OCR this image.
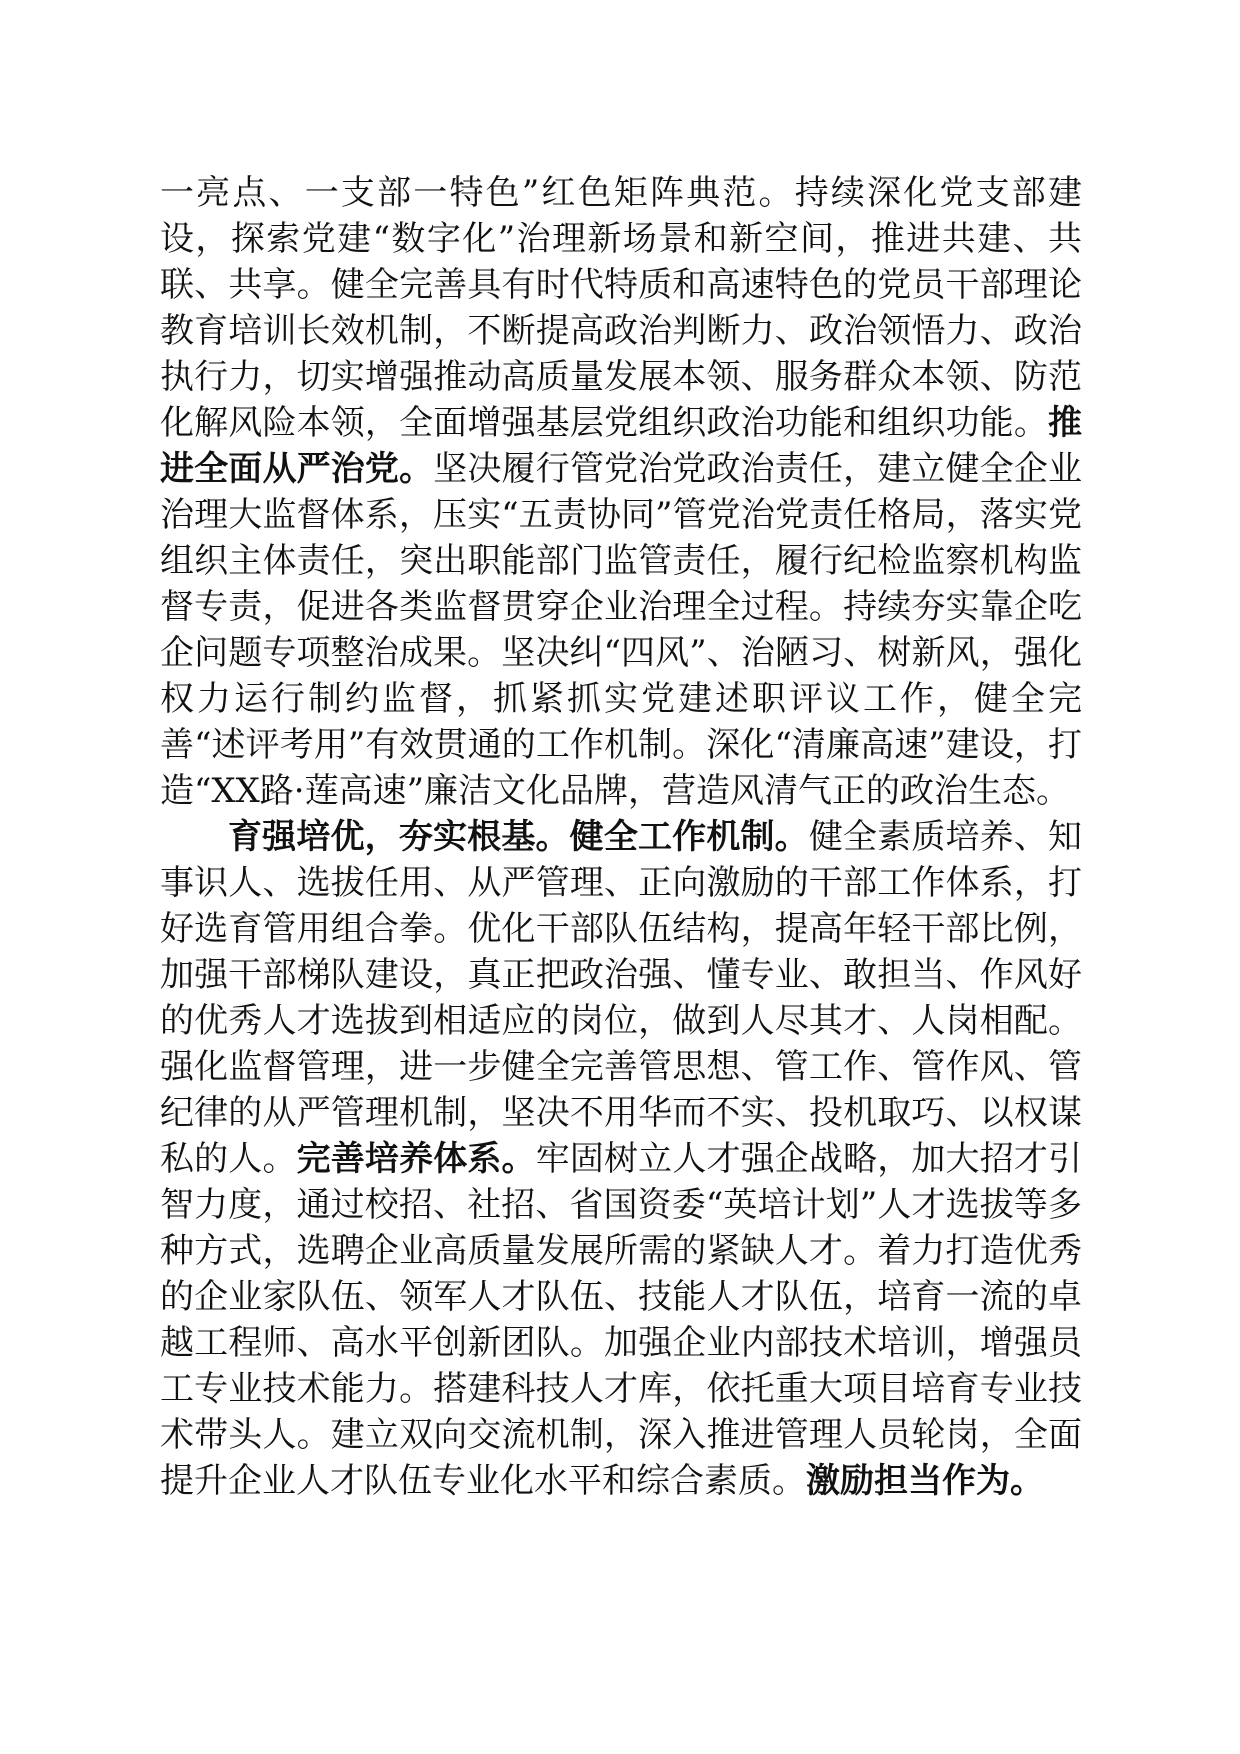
一亮点、一支部一特色”红色矩阵典范。持续深化党支部建设，探索党建“数字化”治理新场景和新空间，推进共建、共联、共享。健全完善具有时代特质和高速特色的党员干部理论教育培训长效机制，不断提高政治判断力、政治领悟力、政治执行力，切实增强推动高质量发展本领、服务群众本领、防范化解风险本领，全面增强基层党组织政治功能和组织功能。推进全面从严治党。坚决履行管党治党政治责任，建立健全企业治理大监督体系，压实“五责协同”管党治党责任格局，落实党组织主体责任，突出职能部门监管责任，履行纪检监察机构监督专责，促进各类监督贯穿企业治理全过程。持续夯实靠企吃企问题专项整治成果。坚决纠“四风”、治陋习、树新风，强化权力运行制约监督，抓紧抓实党建述职评议工作，健全完善“述评考用”有效贯通的工作机制。深化“清廉高速”建设，打造“XX路·莲高速”廉洁文化品牌，营造风清气正的政治生态。

育强培优，夯实根基。健全工作机制。健全素质培养、知事识人、选拔任用、从严管理、正向激励的干部工作体系，打好选育管用组合拳。优化干部队伍结构，提高年轻干部比例，加强干部梯队建设，真正把政治强、懂专业、敢担当、作风好的优秀人才选拔到相适应的岗位，做到人尽其才、人岗相配。强化监督管理，进一步健全完善管思想、管工作、管作风、管纪律的从严管理机制，坚决不用华而不实、投机取巧、以权谋私的人。完善培养体系。牢固树立人才强企战略，加大招才引智力度，通过校招、社招、省国资委“英培计划”人才选拔等多种方式，选聘企业高质量发展所需的紧缺人才。着力打造优秀的企业家队伍、领军人才队伍、技能人才队伍，培育一流的卓越工程师、高水平创新团队。加强企业内部技术培训，增强员工专业技术能力。搭建科技人才库，依托重大项目培育专业技术带头人。建立双向交流机制，深入推进管理人员轮岗，全面提升企业人才队伍专业化水平和综合素质。激励担当作为。
